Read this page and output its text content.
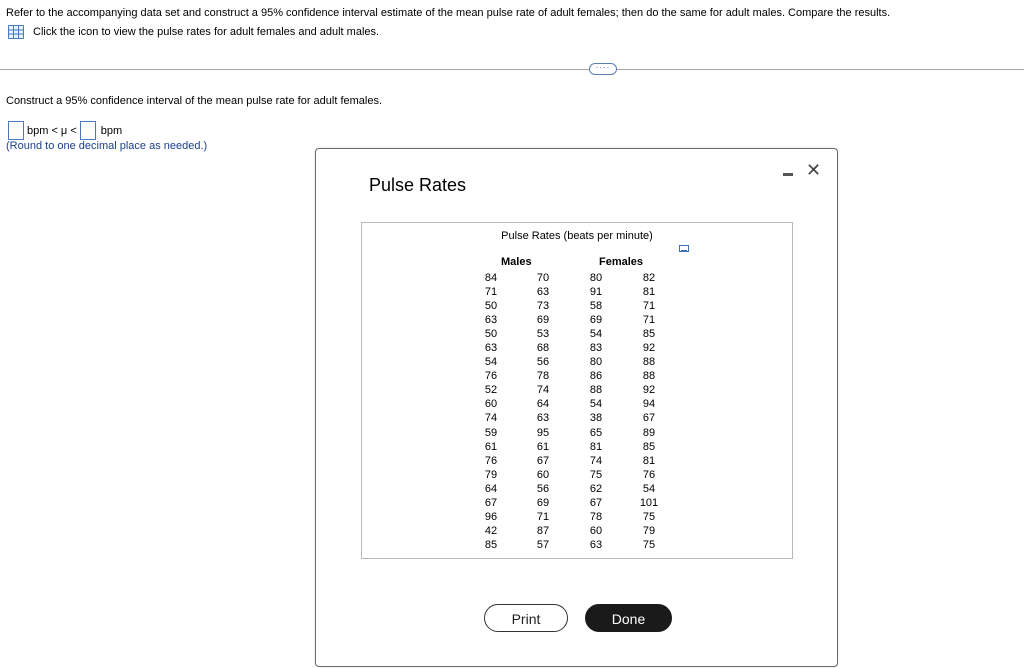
Refer to the accompanying data set and construct a 95% confidence interval estimate of the mean pulse rate of adult females; then do the same for adult males. Compare the results.
Click the icon to view the pulse rates for adult females and adult males.
····
Construct a 95% confidence interval of the mean pulse rate for adult females.
bpm < μ < bpm
(Round to one decimal place as needed.)
Pulse Rates
✕
Pulse Rates (beats per minute)
Males	Females
84
71
50
63
50
63
54
76
52
60
74
59
61
76
79
64
67
96
42
85
70
63
73
69
53
68
56
78
74
64
63
95
61
67
60
56
69
71
87
57
80
91
58
69
54
83
80
86
88
54
38
65
81
74
75
62
67
78
60
63
82
81
71
71
85
92
88
88
92
94
67
89
85
81
76
54
101
75
79
75
Print	Done
